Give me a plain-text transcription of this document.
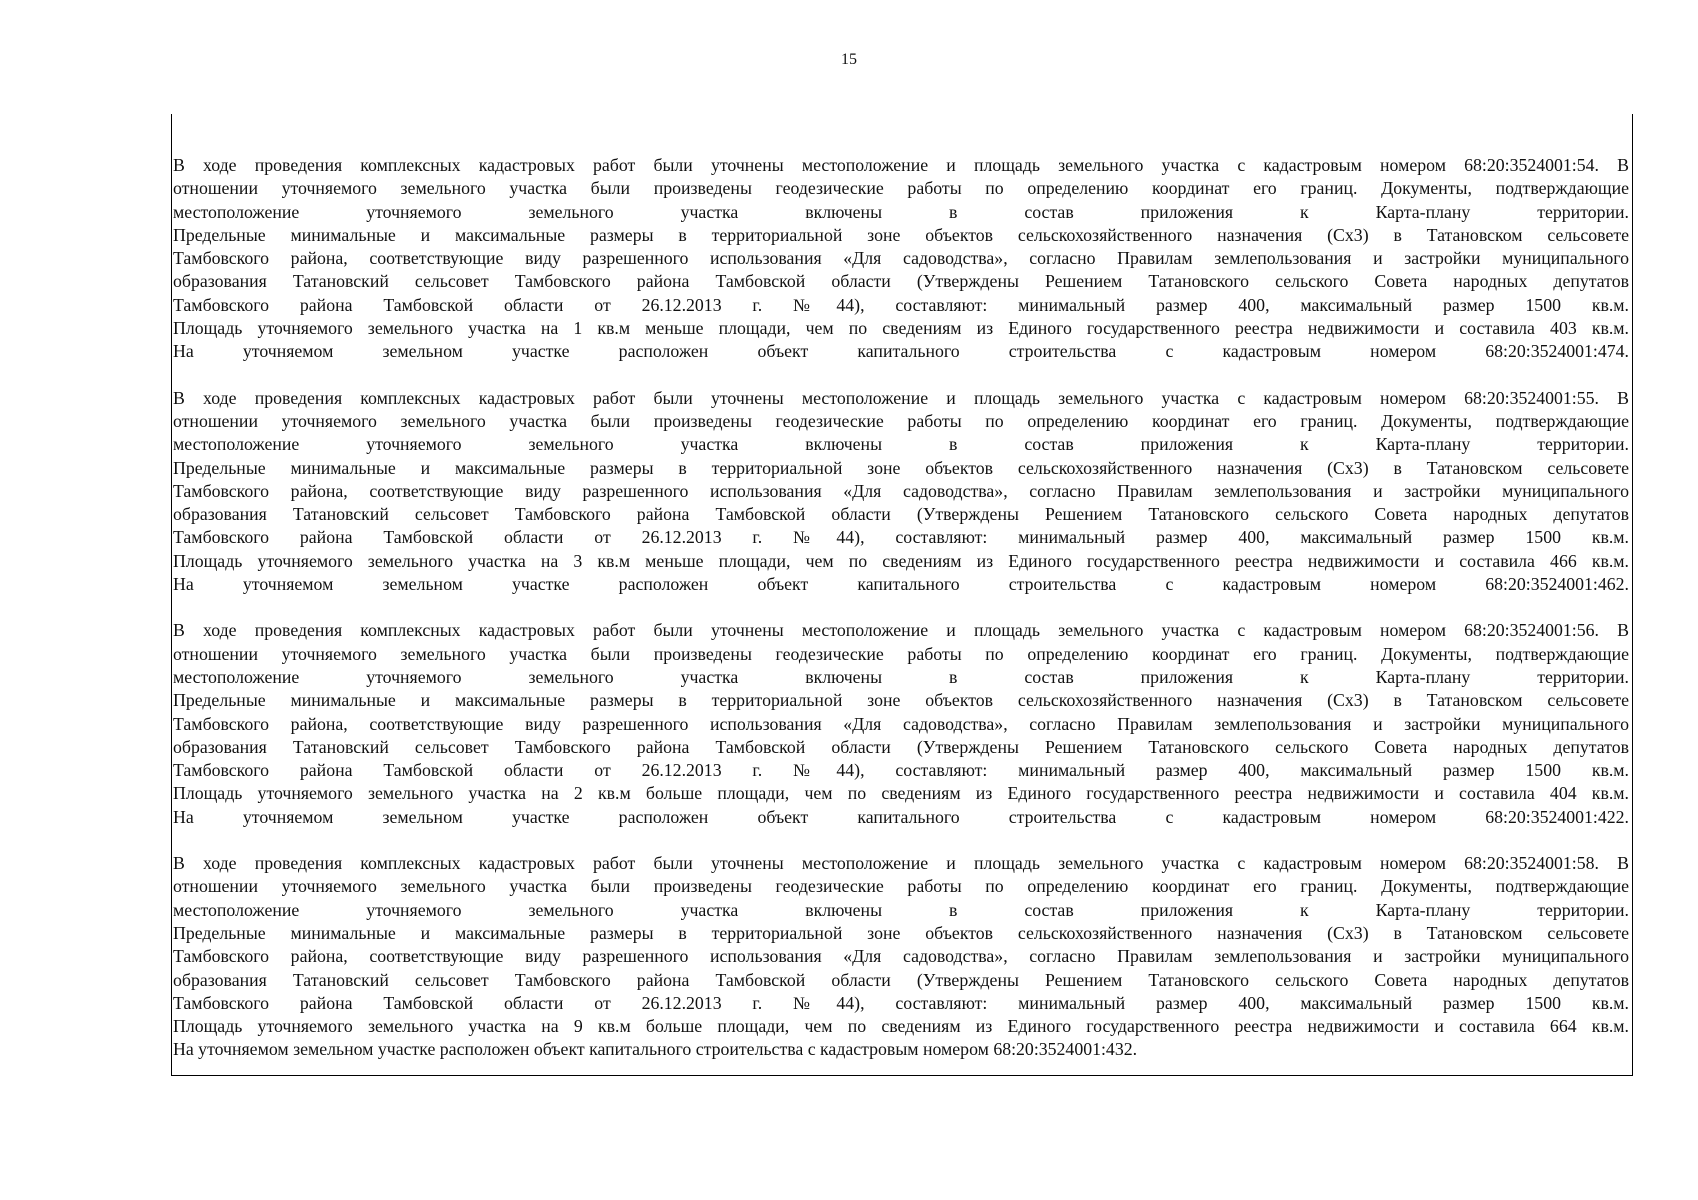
15
В ходе проведения комплексных кадастровых работ были уточнены местоположение и площадь земельного участка с кадастровым номером 68:20:3524001:54. В
отношении уточняемого земельного участка были произведены геодезические работы по определению координат его границ. Документы, подтверждающие
местоположение уточняемого земельного участка включены в состав приложения к Карта-плану территории.
Предельные минимальные и максимальные размеры в территориальной зоне объектов сельскохозяйственного назначения (Сх3) в Татановском сельсовете
Тамбовского района, соответствующие виду разрешенного использования «Для садоводства», согласно Правилам землепользования и застройки муниципального
образования Татановский сельсовет Тамбовского района Тамбовской области (Утверждены Решением Татановского сельского Совета народных депутатов
Тамбовского района Тамбовской области от 26.12.2013 г. №44), составляют: минимальный размер 400, максимальный размер 1500 кв.м.
Площадь уточняемого земельного участка на 1 кв.м меньше площади, чем по сведениям из Единого государственного реестра недвижимости и составила 403 кв.м.
На уточняемом земельном участке расположен объект капитального строительства с кадастровым номером 68:20:3524001:474.
В ходе проведения комплексных кадастровых работ были уточнены местоположение и площадь земельного участка с кадастровым номером 68:20:3524001:55. В
отношении уточняемого земельного участка были произведены геодезические работы по определению координат его границ. Документы, подтверждающие
местоположение уточняемого земельного участка включены в состав приложения к Карта-плану территории.
Предельные минимальные и максимальные размеры в территориальной зоне объектов сельскохозяйственного назначения (Сх3) в Татановском сельсовете
Тамбовского района, соответствующие виду разрешенного использования «Для садоводства», согласно Правилам землепользования и застройки муниципального
образования Татановский сельсовет Тамбовского района Тамбовской области (Утверждены Решением Татановского сельского Совета народных депутатов
Тамбовского района Тамбовской области от 26.12.2013 г. №44), составляют: минимальный размер 400, максимальный размер 1500 кв.м.
Площадь уточняемого земельного участка на 3 кв.м меньше площади, чем по сведениям из Единого государственного реестра недвижимости и составила 466 кв.м.
На уточняемом земельном участке расположен объект капитального строительства с кадастровым номером 68:20:3524001:462.
В ходе проведения комплексных кадастровых работ были уточнены местоположение и площадь земельного участка с кадастровым номером 68:20:3524001:56. В
отношении уточняемого земельного участка были произведены геодезические работы по определению координат его границ. Документы, подтверждающие
местоположение уточняемого земельного участка включены в состав приложения к Карта-плану территории.
Предельные минимальные и максимальные размеры в территориальной зоне объектов сельскохозяйственного назначения (Сх3) в Татановском сельсовете
Тамбовского района, соответствующие виду разрешенного использования «Для садоводства», согласно Правилам землепользования и застройки муниципального
образования Татановский сельсовет Тамбовского района Тамбовской области (Утверждены Решением Татановского сельского Совета народных депутатов
Тамбовского района Тамбовской области от 26.12.2013 г. №44), составляют: минимальный размер 400, максимальный размер 1500 кв.м.
Площадь уточняемого земельного участка на 2 кв.м больше площади, чем по сведениям из Единого государственного реестра недвижимости и составила 404 кв.м.
На уточняемом земельном участке расположен объект капитального строительства с кадастровым номером 68:20:3524001:422.
В ходе проведения комплексных кадастровых работ были уточнены местоположение и площадь земельного участка с кадастровым номером 68:20:3524001:58. В
отношении уточняемого земельного участка были произведены геодезические работы по определению координат его границ. Документы, подтверждающие
местоположение уточняемого земельного участка включены в состав приложения к Карта-плану территории.
Предельные минимальные и максимальные размеры в территориальной зоне объектов сельскохозяйственного назначения (Сх3) в Татановском сельсовете
Тамбовского района, соответствующие виду разрешенного использования «Для садоводства», согласно Правилам землепользования и застройки муниципального
образования Татановский сельсовет Тамбовского района Тамбовской области (Утверждены Решением Татановского сельского Совета народных депутатов
Тамбовского района Тамбовской области от 26.12.2013 г. №44), составляют: минимальный размер 400, максимальный размер 1500 кв.м.
Площадь уточняемого земельного участка на 9 кв.м больше площади, чем по сведениям из Единого государственного реестра недвижимости и составила 664 кв.м.
На уточняемом земельном участке расположен объект капитального строительства с кадастровым номером 68:20:3524001:432.
